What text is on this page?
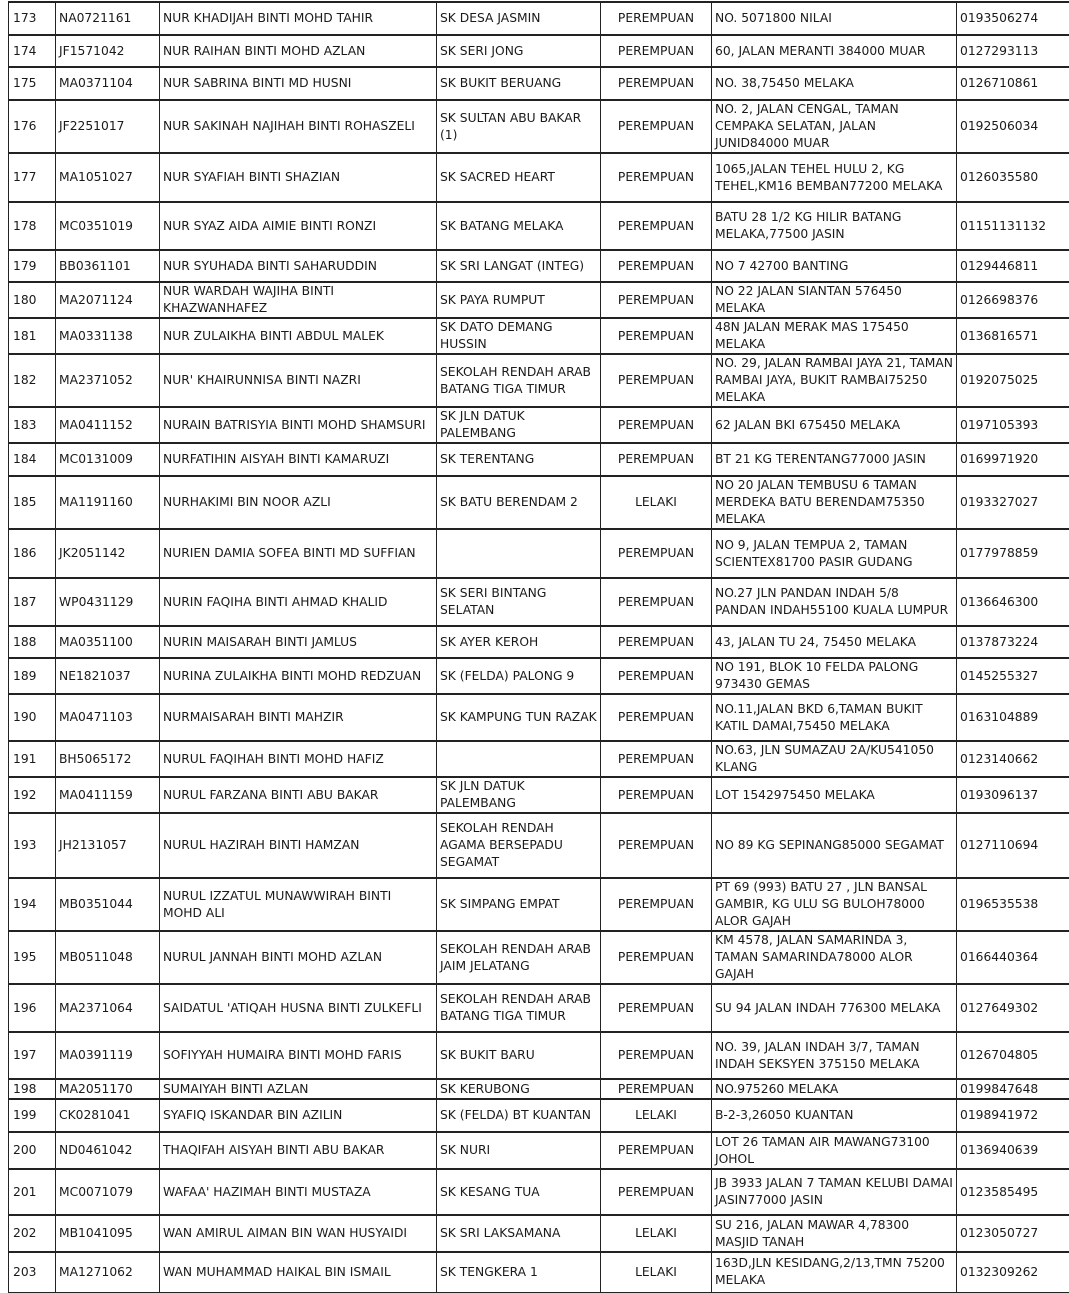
173	NA0721161	NUR KHADIJAH BINTI MOHD TAHIR	SK DESA JASMIN	PEREMPUAN	NO. 5071800 NILAI	0193506274
174	JF1571042	NUR RAIHAN BINTI MOHD AZLAN	SK SERI JONG	PEREMPUAN	60, JALAN MERANTI 384000 MUAR	0127293113
175	MA0371104	NUR SABRINA BINTI MD HUSNI	SK BUKIT BERUANG	PEREMPUAN	NO. 38,75450 MELAKA	0126710861
176	JF2251017	NUR SAKINAH NAJIHAH BINTI ROHASZELI	SK SULTAN ABU BAKAR (1)	PEREMPUAN	NO. 2, JALAN CENGAL, TAMAN CEMPAKA SELATAN, JALAN JUNID84000 MUAR	0192506034
177	MA1051027	NUR SYAFIAH BINTI SHAZIAN	SK SACRED HEART	PEREMPUAN	1065,JALAN TEHEL HULU 2, KG TEHEL,KM16 BEMBAN77200 MELAKA	0126035580
178	MC0351019	NUR SYAZ AIDA AIMIE BINTI RONZI	SK BATANG MELAKA	PEREMPUAN	BATU 28 1/2 KG HILIR BATANG MELAKA,77500 JASIN	01151131132
179	BB0361101	NUR SYUHADA BINTI SAHARUDDIN	SK SRI LANGAT (INTEG)	PEREMPUAN	NO 7 42700 BANTING	0129446811
180	MA2071124	NUR WARDAH WAJIHA BINTI KHAZWANHAFEZ	SK PAYA RUMPUT	PEREMPUAN	NO 22 JALAN SIANTAN 576450 MELAKA	0126698376
181	MA0331138	NUR ZULAIKHA BINTI ABDUL MALEK	SK DATO DEMANG HUSSIN	PEREMPUAN	48N JALAN MERAK MAS 175450 MELAKA	0136816571
182	MA2371052	NUR' KHAIRUNNISA BINTI NAZRI	SEKOLAH RENDAH ARAB BATANG TIGA TIMUR	PEREMPUAN	NO. 29, JALAN RAMBAI JAYA 21, TAMAN RAMBAI JAYA, BUKIT RAMBAI75250 MELAKA	0192075025
183	MA0411152	NURAIN BATRISYIA BINTI MOHD SHAMSURI	SK JLN DATUK PALEMBANG	PEREMPUAN	62 JALAN BKI 675450 MELAKA	0197105393
184	MC0131009	NURFATIHIN AISYAH BINTI KAMARUZI	SK TERENTANG	PEREMPUAN	BT 21 KG TERENTANG77000 JASIN	0169971920
185	MA1191160	NURHAKIMI BIN NOOR AZLI	SK BATU BERENDAM 2	LELAKI	NO 20 JALAN TEMBUSU 6 TAMAN MERDEKA BATU BERENDAM75350 MELAKA	0193327027
186	JK2051142	NURIEN DAMIA SOFEA BINTI MD SUFFIAN		PEREMPUAN	NO 9, JALAN TEMPUA 2, TAMAN SCIENTEX81700 PASIR GUDANG	0177978859
187	WP0431129	NURIN FAQIHA BINTI AHMAD KHALID	SK SERI BINTANG SELATAN	PEREMPUAN	NO.27 JLN PANDAN INDAH 5/8 PANDAN INDAH55100 KUALA LUMPUR	0136646300
188	MA0351100	NURIN MAISARAH BINTI JAMLUS	SK AYER KEROH	PEREMPUAN	43, JALAN TU 24, 75450 MELAKA	0137873224
189	NE1821037	NURINA ZULAIKHA BINTI MOHD REDZUAN	SK (FELDA) PALONG 9	PEREMPUAN	NO 191, BLOK 10 FELDA PALONG 973430 GEMAS	0145255327
190	MA0471103	NURMAISARAH BINTI MAHZIR	SK KAMPUNG TUN RAZAK	PEREMPUAN	NO.11,JALAN BKD 6,TAMAN BUKIT KATIL DAMAI,75450 MELAKA	0163104889
191	BH5065172	NURUL FAQIHAH BINTI MOHD HAFIZ		PEREMPUAN	NO.63, JLN SUMAZAU 2A/KU541050 KLANG	0123140662
192	MA0411159	NURUL FARZANA BINTI ABU BAKAR	SK JLN DATUK PALEMBANG	PEREMPUAN	LOT 1542975450 MELAKA	0193096137
193	JH2131057	NURUL HAZIRAH BINTI HAMZAN	SEKOLAH RENDAH AGAMA BERSEPADU SEGAMAT	PEREMPUAN	NO 89 KG SEPINANG85000 SEGAMAT	0127110694
194	MB0351044	NURUL IZZATUL MUNAWWIRAH BINTI MOHD ALI	SK SIMPANG EMPAT	PEREMPUAN	PT 69 (993) BATU 27 , JLN BANSAL GAMBIR, KG ULU SG BULOH78000 ALOR GAJAH	0196535538
195	MB0511048	NURUL JANNAH BINTI MOHD AZLAN	SEKOLAH RENDAH ARAB JAIM JELATANG	PEREMPUAN	KM 4578, JALAN SAMARINDA 3, TAMAN SAMARINDA78000 ALOR GAJAH	0166440364
196	MA2371064	SAIDATUL 'ATIQAH HUSNA BINTI ZULKEFLI	SEKOLAH RENDAH ARAB BATANG TIGA TIMUR	PEREMPUAN	SU 94 JALAN INDAH 776300 MELAKA	0127649302
197	MA0391119	SOFIYYAH HUMAIRA BINTI MOHD FARIS	SK BUKIT BARU	PEREMPUAN	NO. 39, JALAN INDAH 3/7, TAMAN INDAH SEKSYEN 375150 MELAKA	0126704805
198	MA2051170	SUMAIYAH BINTI AZLAN	SK KERUBONG	PEREMPUAN	NO.975260 MELAKA	0199847648
199	CK0281041	SYAFIQ ISKANDAR BIN AZILIN	SK (FELDA) BT KUANTAN	LELAKI	B-2-3,26050 KUANTAN	0198941972
200	ND0461042	THAQIFAH AISYAH BINTI ABU BAKAR	SK NURI	PEREMPUAN	LOT 26 TAMAN AIR MAWANG73100 JOHOL	0136940639
201	MC0071079	WAFAA' HAZIMAH BINTI MUSTAZA	SK KESANG TUA	PEREMPUAN	JB 3933 JALAN 7 TAMAN KELUBI DAMAI JASIN77000 JASIN	0123585495
202	MB1041095	WAN AMIRUL AIMAN BIN WAN HUSYAIDI	SK SRI LAKSAMANA	LELAKI	SU 216, JALAN MAWAR 4,78300 MASJID TANAH	0123050727
203	MA1271062	WAN MUHAMMAD HAIKAL BIN ISMAIL	SK TENGKERA 1	LELAKI	163D,JLN KESIDANG,2/13,TMN 75200 MELAKA	0132309262
